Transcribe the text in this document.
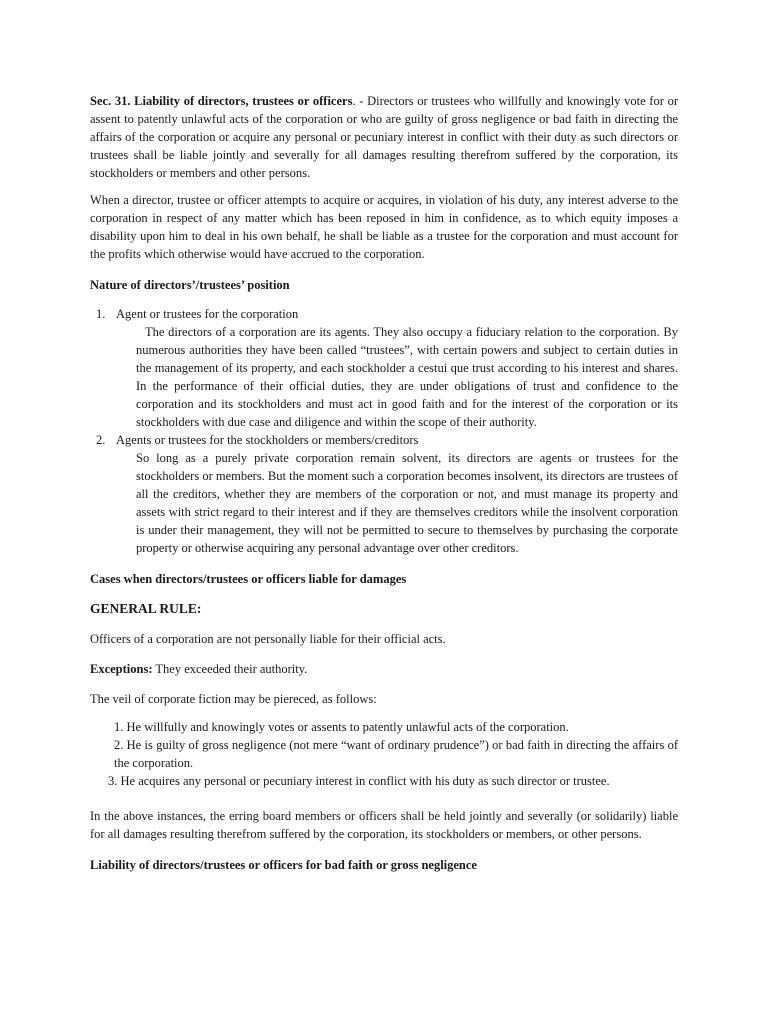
Sec. 31. Liability of directors, trustees or officers. - Directors or trustees who willfully and knowingly vote for or assent to patently unlawful acts of the corporation or who are guilty of gross negligence or bad faith in directing the affairs of the corporation or acquire any personal or pecuniary interest in conflict with their duty as such directors or trustees shall be liable jointly and severally for all damages resulting therefrom suffered by the corporation, its stockholders or members and other persons.

When a director, trustee or officer attempts to acquire or acquires, in violation of his duty, any interest adverse to the corporation in respect of any matter which has been reposed in him in confidence, as to which equity imposes a disability upon him to deal in his own behalf, he shall be liable as a trustee for the corporation and must account for the profits which otherwise would have accrued to the corporation.

Nature of directors’/trustees’ position

1. Agent or trustees for the corporation

The directors of a corporation are its agents. They also occupy a fiduciary relation to the corporation. By numerous authorities they have been called “trustees”, with certain powers and subject to certain duties in the management of its property, and each stockholder a cestui que trust according to his interest and shares. In the performance of their official duties, they are under obligations of trust and confidence to the corporation and its stockholders and must act in good faith and for the interest of the corporation or its stockholders with due case and diligence and within the scope of their authority.

2. Agents or trustees for the stockholders or members/creditors

So long as a purely private corporation remain solvent, its directors are agents or trustees for the stockholders or members. But the moment such a corporation becomes insolvent, its directors are trustees of all the creditors, whether they are members of the corporation or not, and must manage its property and assets with strict regard to their interest and if they are themselves creditors while the insolvent corporation is under their management, they will not be permitted to secure to themselves by purchasing the corporate property or otherwise acquiring any personal advantage over other creditors.

Cases when directors/trustees or officers liable for damages

GENERAL RULE:

Officers of a corporation are not personally liable for their official acts.

Exceptions: They exceeded their authority.

The veil of corporate fiction may be piereced, as follows:

1. He willfully and knowingly votes or assents to patently unlawful acts of the corporation.

2. He is guilty of gross negligence (not mere “want of ordinary prudence”) or bad faith in directing the affairs of the corporation.

3. He acquires any personal or pecuniary interest in conflict with his duty as such director or trustee.

In the above instances, the erring board members or officers shall be held jointly and severally (or solidarily) liable for all damages resulting therefrom suffered by the corporation, its stockholders or members, or other persons.

Liability of directors/trustees or officers for bad faith or gross negligence
